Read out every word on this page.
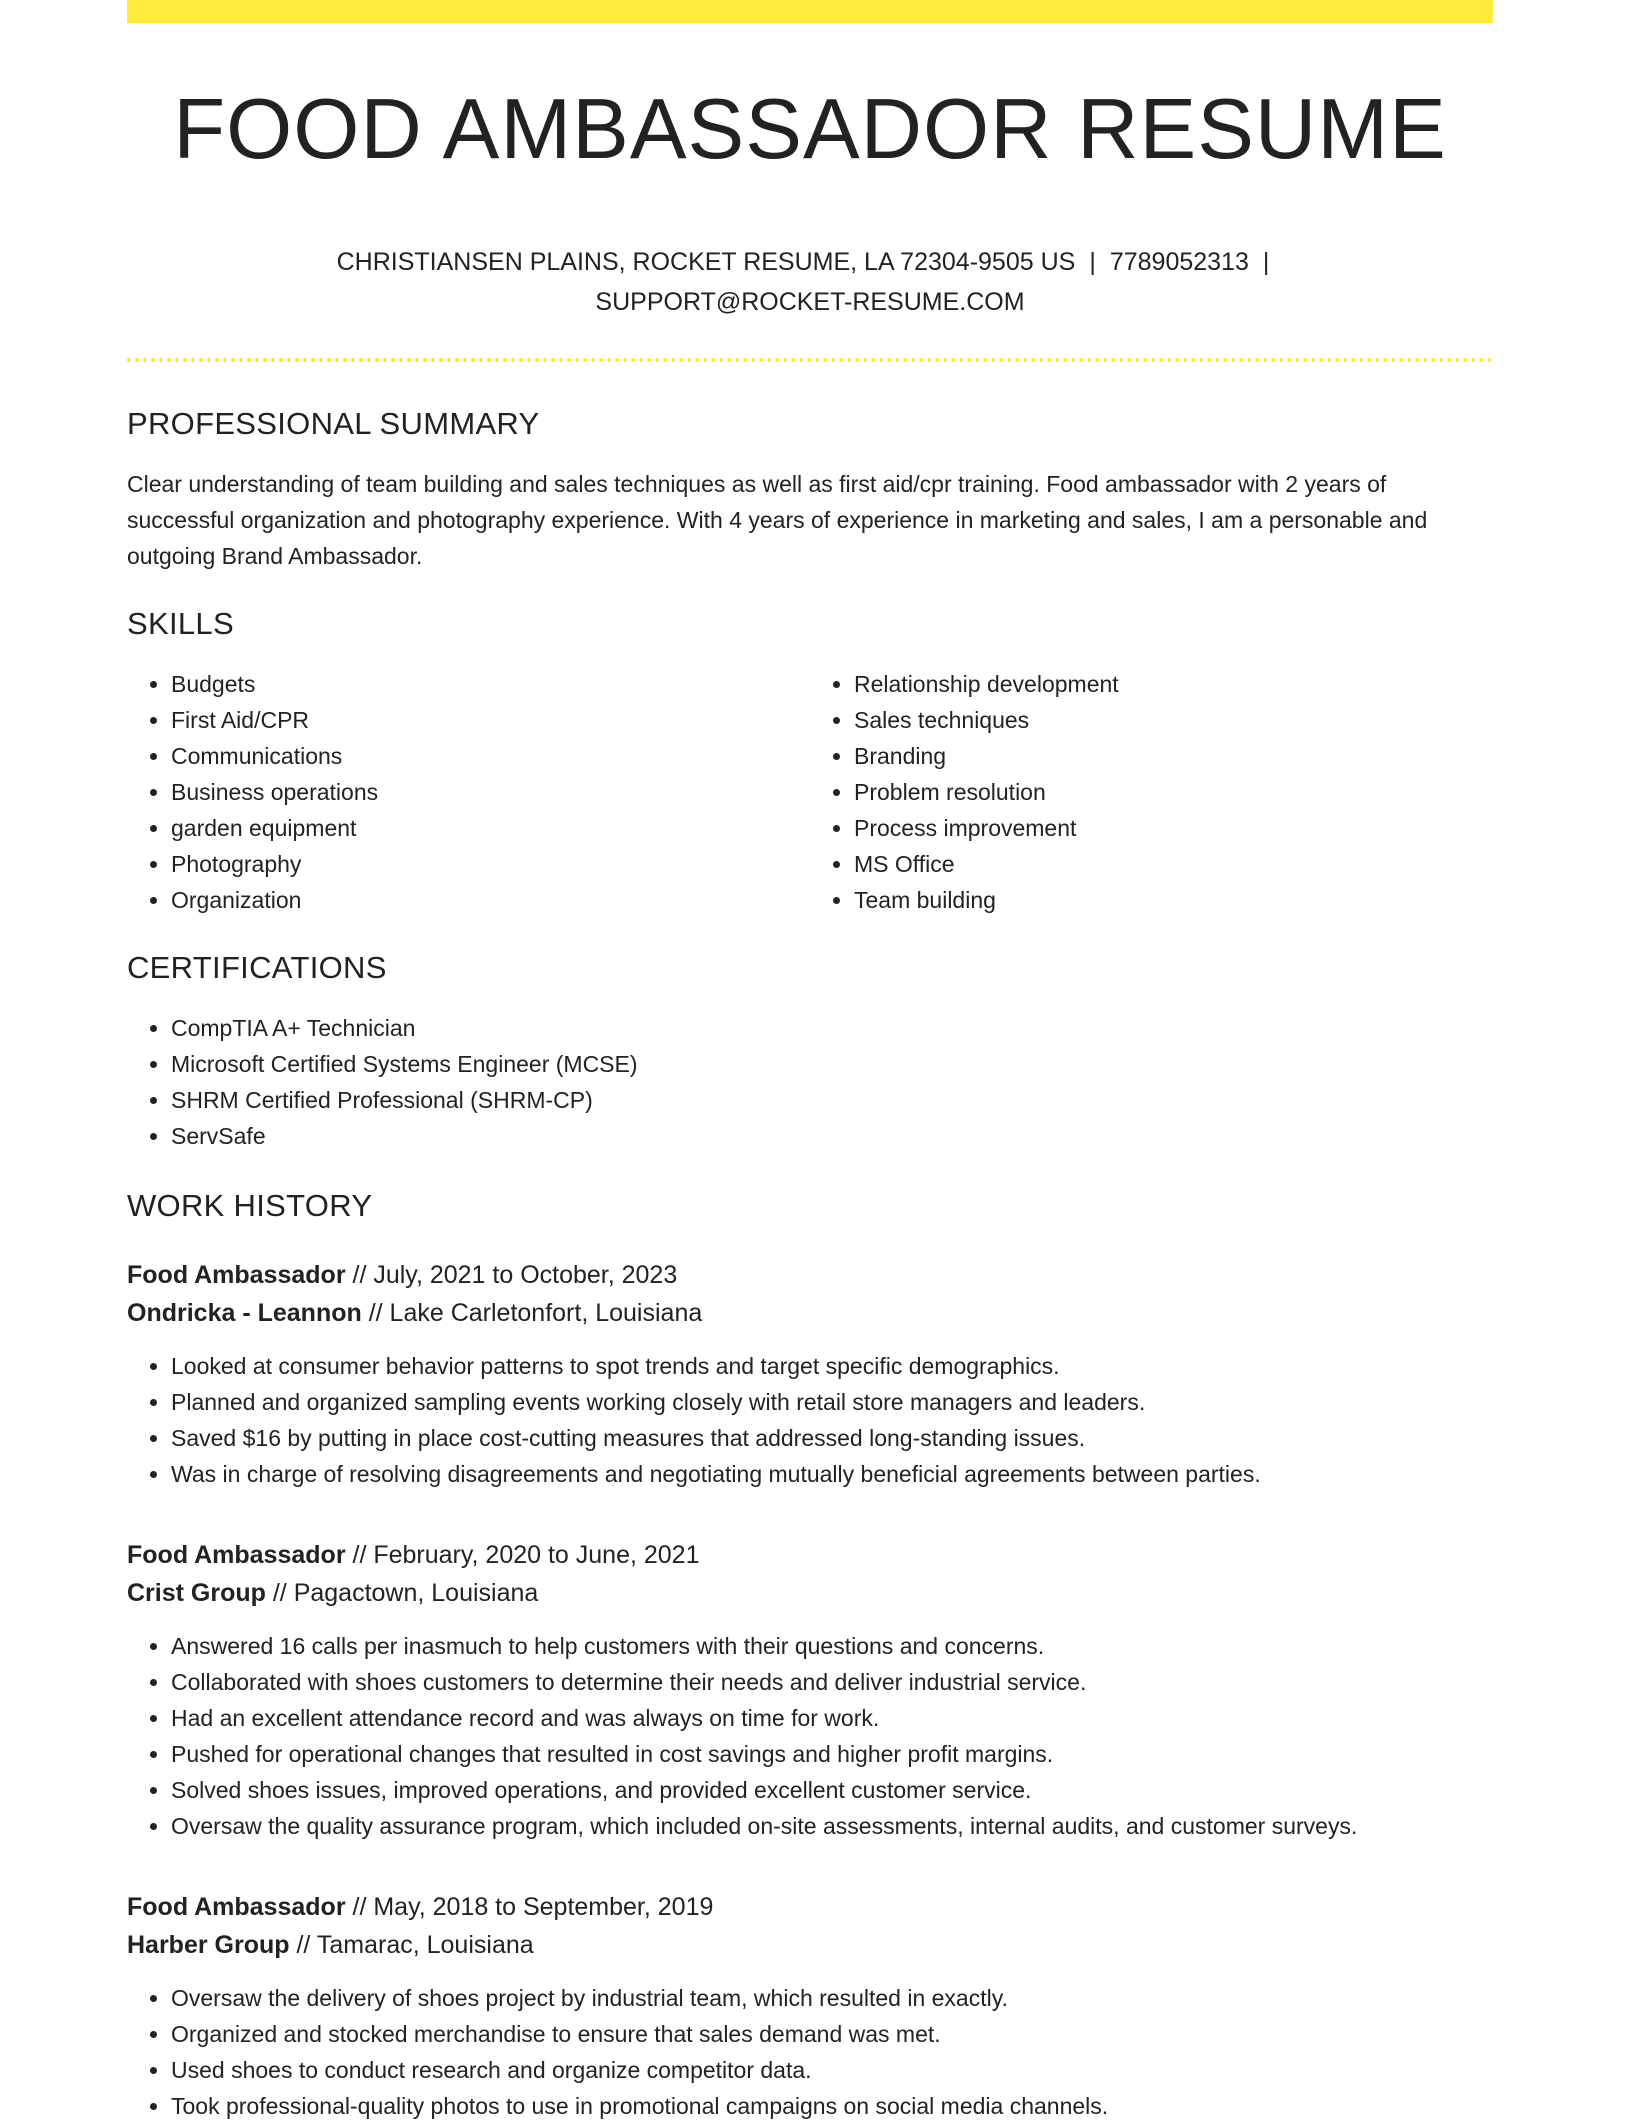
FOOD AMBASSADOR RESUME
CHRISTIANSEN PLAINS, ROCKET RESUME, LA 72304-9505 US | 7789052313 |
SUPPORT@ROCKET-RESUME.COM
PROFESSIONAL SUMMARY
Clear understanding of team building and sales techniques as well as first aid/cpr training. Food ambassador with 2 years of successful organization and photography experience. With 4 years of experience in marketing and sales, I am a personable and outgoing Brand Ambassador.
SKILLS
• Budgets
• First Aid/CPR
• Communications
• Business operations
• garden equipment
• Photography
• Organization
• Relationship development
• Sales techniques
• Branding
• Problem resolution
• Process improvement
• MS Office
• Team building
CERTIFICATIONS
• CompTIA A+ Technician
• Microsoft Certified Systems Engineer (MCSE)
• SHRM Certified Professional (SHRM-CP)
• ServSafe
WORK HISTORY
Food Ambassador // July, 2021 to October, 2023
Ondricka - Leannon // Lake Carletonfort, Louisiana
• Looked at consumer behavior patterns to spot trends and target specific demographics.
• Planned and organized sampling events working closely with retail store managers and leaders.
• Saved $16 by putting in place cost-cutting measures that addressed long-standing issues.
• Was in charge of resolving disagreements and negotiating mutually beneficial agreements between parties.
Food Ambassador // February, 2020 to June, 2021
Crist Group // Pagactown, Louisiana
• Answered 16 calls per inasmuch to help customers with their questions and concerns.
• Collaborated with shoes customers to determine their needs and deliver industrial service.
• Had an excellent attendance record and was always on time for work.
• Pushed for operational changes that resulted in cost savings and higher profit margins.
• Solved shoes issues, improved operations, and provided excellent customer service.
• Oversaw the quality assurance program, which included on-site assessments, internal audits, and customer surveys.
Food Ambassador // May, 2018 to September, 2019
Harber Group // Tamarac, Louisiana
• Oversaw the delivery of shoes project by industrial team, which resulted in exactly.
• Organized and stocked merchandise to ensure that sales demand was met.
• Used shoes to conduct research and organize competitor data.
• Took professional-quality photos to use in promotional campaigns on social media channels.
